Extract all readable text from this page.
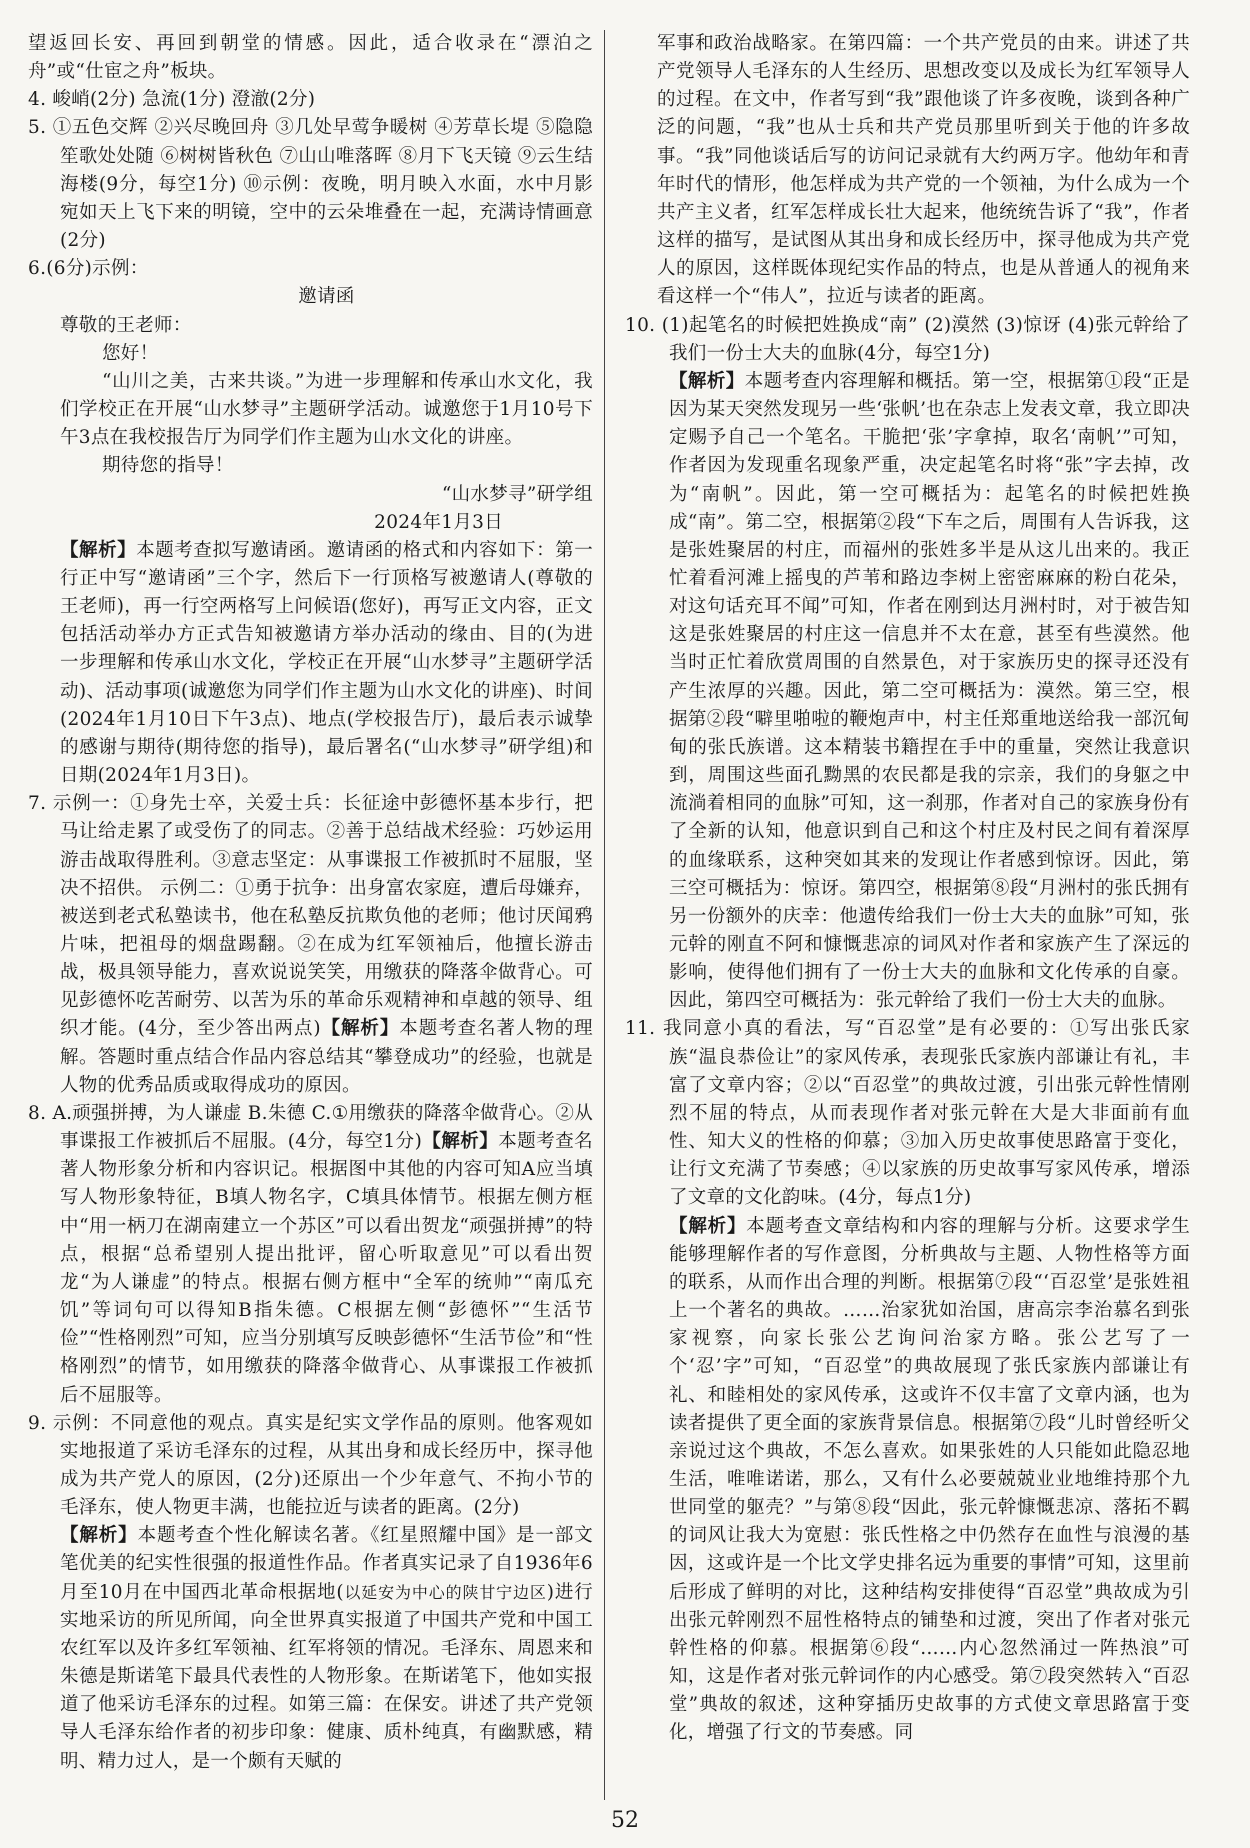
望返回长安、再回到朝堂的情感。因此，适合收录在“漂泊之舟”或“仕宦之舟”板块。

4. 峻峭(2分) 急流(1分) 澄澈(2分)

5. ①五色交辉 ②兴尽晚回舟 ③几处早莺争暖树 ④芳草长堤 ⑤隐隐笙歌处处随 ⑥树树皆秋色 ⑦山山唯落晖 ⑧月下飞天镜 ⑨云生结海楼(9分，每空1分) ⑩示例：夜晚，明月映入水面，水中月影宛如天上飞下来的明镜，空中的云朵堆叠在一起，充满诗情画意(2分)

6.(6分)示例：

邀请函

尊敬的王老师：

您好！

“山川之美，古来共谈。”为进一步理解和传承山水文化，我们学校正在开展“山水梦寻”主题研学活动。诚邀您于1月10号下午3点在我校报告厅为同学们作主题为山水文化的讲座。

期待您的指导！

“山水梦寻”研学组

2024年1月3日

【解析】本题考查拟写邀请函。邀请函的格式和内容如下：第一行正中写“邀请函”三个字，然后下一行顶格写被邀请人(尊敬的王老师)，再一行空两格写上问候语(您好)，再写正文内容，正文包括活动举办方正式告知被邀请方举办活动的缘由、目的(为进一步理解和传承山水文化，学校正在开展“山水梦寻”主题研学活动)、活动事项(诚邀您为同学们作主题为山水文化的讲座)、时间(2024年1月10日下午3点)、地点(学校报告厅)，最后表示诚挚的感谢与期待(期待您的指导)，最后署名(“山水梦寻”研学组)和日期(2024年1月3日)。

7. 示例一：①身先士卒，关爱士兵：长征途中彭德怀基本步行，把马让给走累了或受伤了的同志。②善于总结战术经验：巧妙运用游击战取得胜利。③意志坚定：从事谍报工作被抓时不屈服，坚决不招供。 示例二：①勇于抗争：出身富农家庭，遭后母嫌弃，被送到老式私塾读书，他在私塾反抗欺负他的老师；他讨厌闻鸦片味，把祖母的烟盘踢翻。②在成为红军领袖后，他擅长游击战，极具领导能力，喜欢说说笑笑，用缴获的降落伞做背心。可见彭德怀吃苦耐劳、以苦为乐的革命乐观精神和卓越的领导、组织才能。(4分，至少答出两点)【解析】本题考查名著人物的理解。答题时重点结合作品内容总结其“攀登成功”的经验，也就是人物的优秀品质或取得成功的原因。

8. A.顽强拼搏，为人谦虚 B.朱德 C.①用缴获的降落伞做背心。②从事谍报工作被抓后不屈服。(4分，每空1分)【解析】本题考查名著人物形象分析和内容识记。根据图中其他的内容可知A应当填写人物形象特征，B填人物名字，C填具体情节。根据左侧方框中“用一柄刀在湖南建立一个苏区”可以看出贺龙“顽强拼搏”的特点，根据“总希望别人提出批评，留心听取意见”可以看出贺龙“为人谦虚”的特点。根据右侧方框中“全军的统帅”“南瓜充饥”等词句可以得知B指朱德。C根据左侧“彭德怀”“生活节俭”“性格刚烈”可知，应当分别填写反映彭德怀“生活节俭”和“性格刚烈”的情节，如用缴获的降落伞做背心、从事谍报工作被抓后不屈服等。

9. 示例：不同意他的观点。真实是纪实文学作品的原则。他客观如实地报道了采访毛泽东的过程，从其出身和成长经历中，探寻他成为共产党人的原因，(2分)还原出一个少年意气、不拘小节的毛泽东，使人物更丰满，也能拉近与读者的距离。(2分)

【解析】本题考查个性化解读名著。《红星照耀中国》是一部文笔优美的纪实性很强的报道性作品。作者真实记录了自1936年6月至10月在中国西北革命根据地(以延安为中心的陕甘宁边区)进行实地采访的所见所闻，向全世界真实报道了中国共产党和中国工农红军以及许多红军领袖、红军将领的情况。毛泽东、周恩来和朱德是斯诺笔下最具代表性的人物形象。在斯诺笔下，他如实报道了他采访毛泽东的过程。如第三篇：在保安。讲述了共产党领导人毛泽东给作者的初步印象：健康、质朴纯真，有幽默感，精明、精力过人，是一个颇有天赋的

军事和政治战略家。在第四篇：一个共产党员的由来。讲述了共产党领导人毛泽东的人生经历、思想改变以及成长为红军领导人的过程。在文中，作者写到“我”跟他谈了许多夜晚，谈到各种广泛的问题，“我”也从士兵和共产党员那里听到关于他的许多故事。“我”同他谈话后写的访问记录就有大约两万字。他幼年和青年时代的情形，他怎样成为共产党的一个领袖，为什么成为一个共产主义者，红军怎样成长壮大起来，他统统告诉了“我”，作者这样的描写，是试图从其出身和成长经历中，探寻他成为共产党人的原因，这样既体现纪实作品的特点，也是从普通人的视角来看这样一个“伟人”，拉近与读者的距离。

10. (1)起笔名的时候把姓换成“南” (2)漠然 (3)惊讶 (4)张元幹给了我们一份士大夫的血脉(4分，每空1分)

【解析】本题考查内容理解和概括。第一空，根据第①段“正是因为某天突然发现另一些‘张帆’也在杂志上发表文章，我立即决定赐予自己一个笔名。干脆把‘张’字拿掉，取名‘南帆’”可知，作者因为发现重名现象严重，决定起笔名时将“张”字去掉，改为“南帆”。因此，第一空可概括为：起笔名的时候把姓换成“南”。第二空，根据第②段“下车之后，周围有人告诉我，这是张姓聚居的村庄，而福州的张姓多半是从这儿出来的。我正忙着看河滩上摇曳的芦苇和路边李树上密密麻麻的粉白花朵，对这句话充耳不闻”可知，作者在刚到达月洲村时，对于被告知这是张姓聚居的村庄这一信息并不太在意，甚至有些漠然。他当时正忙着欣赏周围的自然景色，对于家族历史的探寻还没有产生浓厚的兴趣。因此，第二空可概括为：漠然。第三空，根据第②段“噼里啪啦的鞭炮声中，村主任郑重地送给我一部沉甸甸的张氏族谱。这本精装书籍捏在手中的重量，突然让我意识到，周围这些面孔黝黑的农民都是我的宗亲，我们的身躯之中流淌着相同的血脉”可知，这一刹那，作者对自己的家族身份有了全新的认知，他意识到自己和这个村庄及村民之间有着深厚的血缘联系，这种突如其来的发现让作者感到惊讶。因此，第三空可概括为：惊讶。第四空，根据第⑧段“月洲村的张氏拥有另一份额外的庆幸：他遗传给我们一份士大夫的血脉”可知，张元幹的刚直不阿和慷慨悲凉的词风对作者和家族产生了深远的影响，使得他们拥有了一份士大夫的血脉和文化传承的自豪。因此，第四空可概括为：张元幹给了我们一份士大夫的血脉。

11. 我同意小真的看法，写“百忍堂”是有必要的：①写出张氏家族“温良恭俭让”的家风传承，表现张氏家族内部谦让有礼，丰富了文章内容；②以“百忍堂”的典故过渡，引出张元幹性情刚烈不屈的特点，从而表现作者对张元幹在大是大非面前有血性、知大义的性格的仰慕；③加入历史故事使思路富于变化，让行文充满了节奏感；④以家族的历史故事写家风传承，增添了文章的文化韵味。(4分，每点1分)

【解析】本题考查文章结构和内容的理解与分析。这要求学生能够理解作者的写作意图，分析典故与主题、人物性格等方面的联系，从而作出合理的判断。根据第⑦段“‘百忍堂’是张姓祖上一个著名的典故。……治家犹如治国，唐高宗李治慕名到张家视察，向家长张公艺询问治家方略。张公艺写了一个‘忍’字”可知，“百忍堂”的典故展现了张氏家族内部谦让有礼、和睦相处的家风传承，这或许不仅丰富了文章内涵，也为读者提供了更全面的家族背景信息。根据第⑦段“儿时曾经听父亲说过这个典故，不怎么喜欢。如果张姓的人只能如此隐忍地生活，唯唯诺诺，那么，又有什么必要兢兢业业地维持那个九世同堂的躯壳？”与第⑧段“因此，张元幹慷慨悲凉、落拓不羁的词风让我大为宽慰：张氏性格之中仍然存在血性与浪漫的基因，这或许是一个比文学史排名远为重要的事情”可知，这里前后形成了鲜明的对比，这种结构安排使得“百忍堂”典故成为引出张元幹刚烈不屈性格特点的铺垫和过渡，突出了作者对张元幹性格的仰慕。根据第⑥段“……内心忽然涌过一阵热浪”可知，这是作者对张元幹词作的内心感受。第⑦段突然转入“百忍堂”典故的叙述，这种穿插历史故事的方式使文章思路富于变化，增强了行文的节奏感。同

52
